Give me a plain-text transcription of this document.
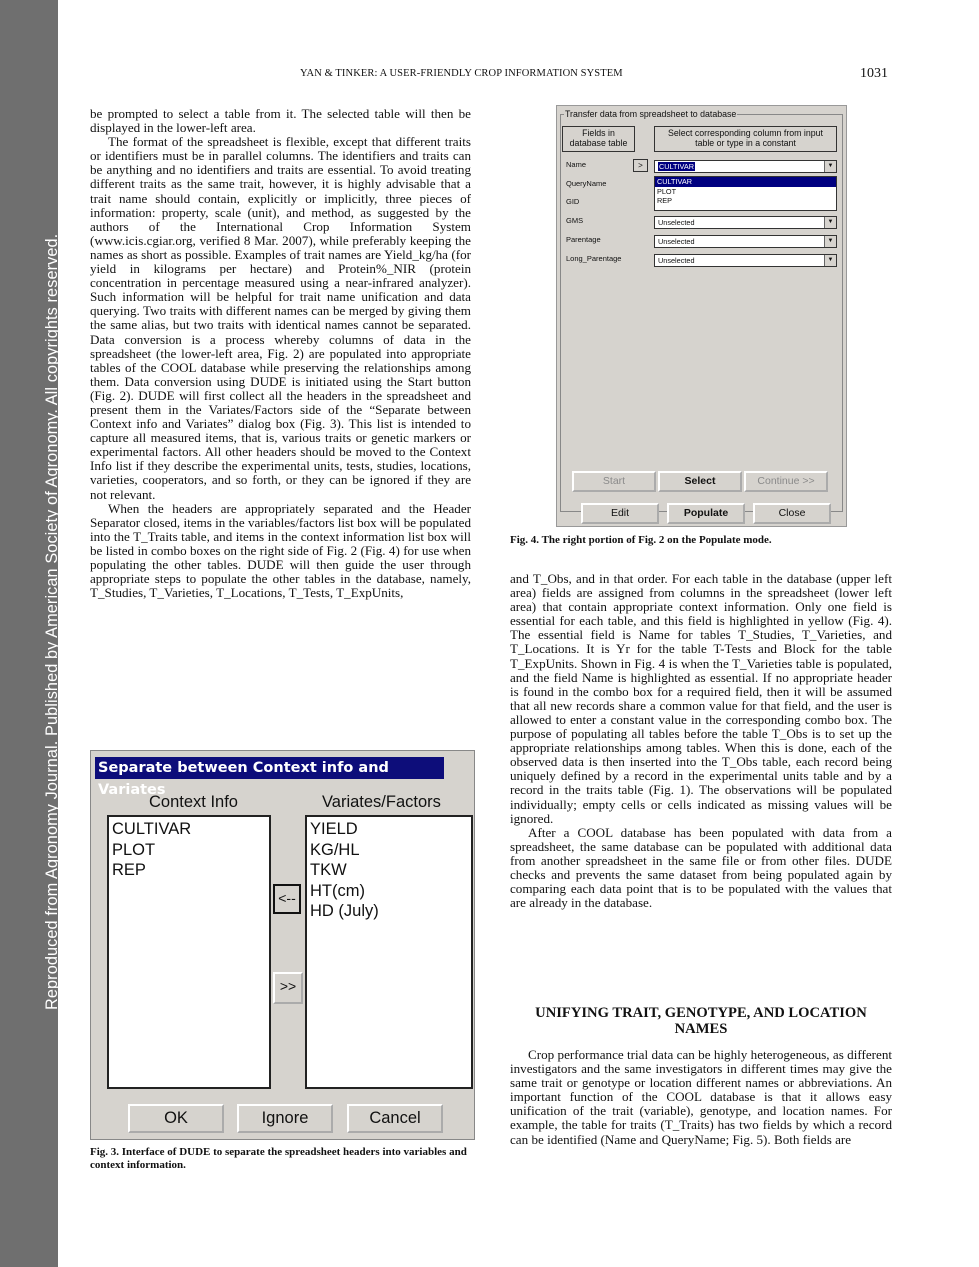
Reproduced from Agronomy Journal. Published by American Society of Agronomy. All copyrights reserved.
YAN & TINKER: A USER-FRIENDLY CROP INFORMATION SYSTEM	1031

be prompted to select a table from it. The selected table will then be displayed in the lower-left area.

The format of the spreadsheet is flexible, except that different traits or identifiers must be in parallel columns. The identifiers and traits can be anything and no identifiers and traits are essential. To avoid treating different traits as the same trait, however, it is highly advisable that a trait name should contain, explicitly or implicitly, three pieces of information: property, scale (unit), and method, as suggested by the authors of the International Crop Information System (www.icis.cgiar.org, verified 8 Mar. 2007), while preferably keeping the names as short as possible. Examples of trait names are Yield_kg/ha (for yield in kilograms per hectare) and Protein%_NIR (protein concentration in percentage measured using a near-infrared analyzer). Such information will be helpful for trait name unification and data querying. Two traits with different names can be merged by giving them the same alias, but two traits with identical names cannot be separated. Data conversion is a process whereby columns of data in the spreadsheet (the lower-left area, Fig. 2) are populated into appropriate tables of the COOL database while preserving the relationships among them. Data conversion using DUDE is initiated using the Start button (Fig. 2). DUDE will first collect all the headers in the spreadsheet and present them in the Variates/Factors side of the “Separate between Context info and Variates” dialog box (Fig. 3). This list is intended to capture all measured items, that is, various traits or genetic markers or experimental factors. All other headers should be moved to the Context Info list if they describe the experimental units, tests, studies, locations, varieties, cooperators, and so forth, or they can be ignored if they are not relevant.

When the headers are appropriately separated and the Header Separator closed, items in the variables/factors list box will be populated into the T_Traits table, and items in the context information list box will be listed in combo boxes on the right side of Fig. 2 (Fig. 4) for use when populating the other tables. DUDE will then guide the user through appropriate steps to populate the other tables in the database, namely, T_Studies, T_Varieties, T_Locations, T_Tests, T_ExpUnits,

Separate between Context info and Variates
Context Info	Variates/Factors
CULTIVAR
PLOT
REP
YIELD
KG/HL
TKW
HT(cm)
HD (July)
<--
>>
OK	Ignore	Cancel
Fig. 3. Interface of DUDE to separate the spreadsheet headers into variables and context information.
Transfer data from spreadsheet to database
Fields in database table
Select corresponding column from input table or type in a constant
Name	>	CULTIVAR	▼
CULTIVAR
PLOT
REP
QueryName
GID
GMS	Unselected	▼
Parentage	Unselected	▼
Long_Parentage	Unselected	▼
Start	Select	Continue >>
Edit	Populate	Close
Fig. 4. The right portion of Fig. 2 on the Populate mode.

and T_Obs, and in that order. For each table in the database (upper left area) fields are assigned from columns in the spreadsheet (lower left area) that contain appropriate context information. Only one field is essential for each table, and this field is highlighted in yellow (Fig. 4). The essential field is Name for tables T_Studies, T_Varieties, and T_Locations. It is Yr for the table T-Tests and Block for the table T_ExpUnits. Shown in Fig. 4 is when the T_Varieties table is populated, and the field Name is highlighted as essential. If no appropriate header is found in the combo box for a required field, then it will be assumed that all new records share a common value for that field, and the user is allowed to enter a constant value in the corresponding combo box. The purpose of populating all tables before the table T_Obs is to set up the appropriate relationships among tables. When this is done, each of the observed data is then inserted into the T_Obs table, each record being uniquely defined by a record in the experimental units table and by a record in the traits table (Fig. 1). The observations will be populated individually; empty cells or cells indicated as missing values will be ignored.

After a COOL database has been populated with data from a spreadsheet, the same database can be populated with additional data from another spreadsheet in the same file or from other files. DUDE checks and prevents the same dataset from being populated again by comparing each data point that is to be populated with the values that are already in the database.

UNIFYING TRAIT, GENOTYPE, AND LOCATION NAMES

Crop performance trial data can be highly heterogeneous, as different investigators and the same investigators in different times may give the same trait or genotype or location different names or abbreviations. An important function of the COOL database is that it allows easy unification of the trait (variable), genotype, and location names. For example, the table for traits (T_Traits) has two fields by which a record can be identified (Name and QueryName; Fig. 5). Both fields are
